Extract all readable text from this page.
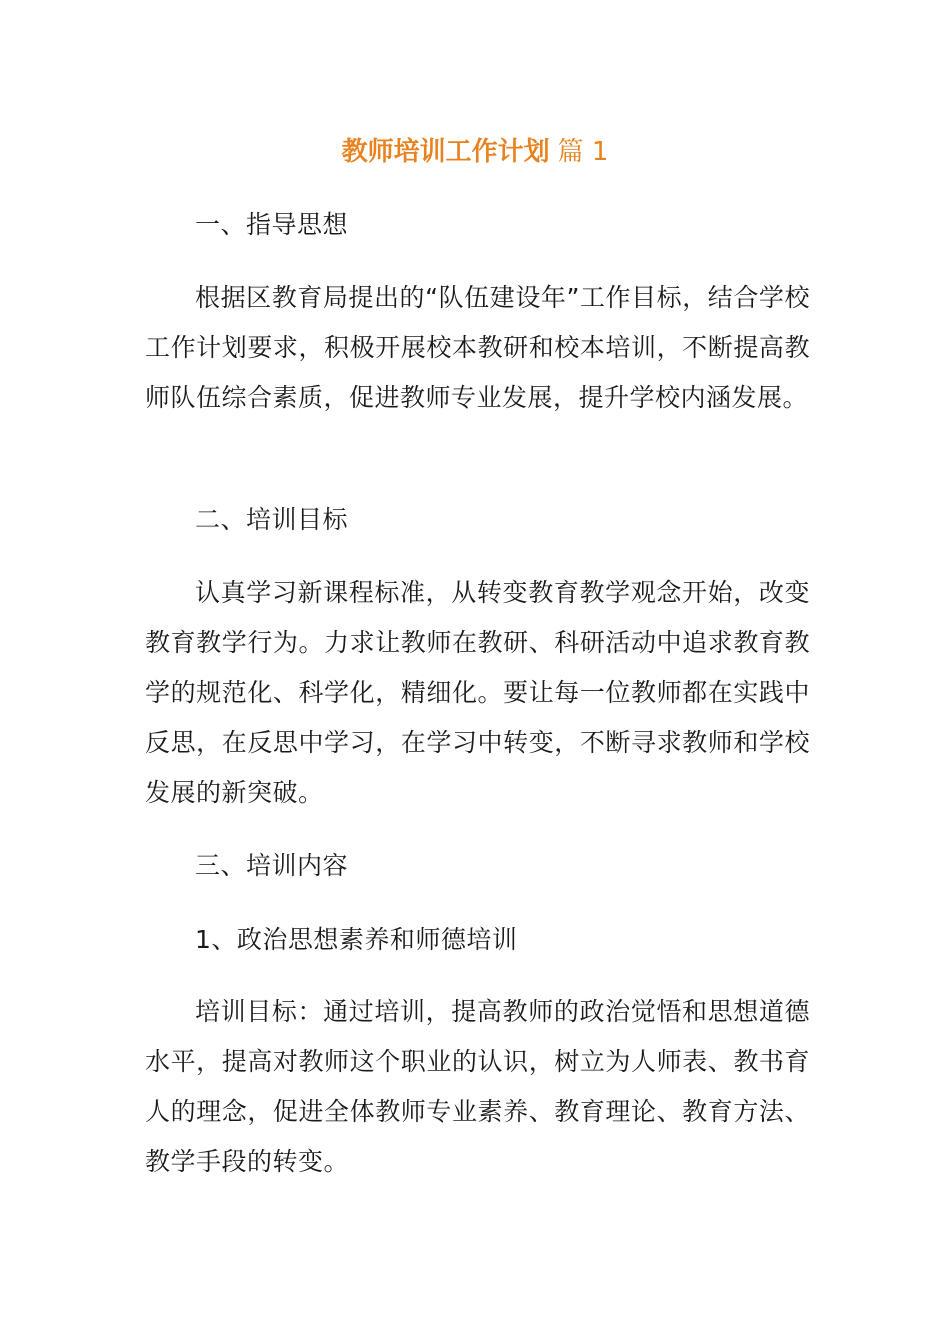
教师培训工作计划 篇 1
一、指导思想
根据区教育局提出的“队伍建设年”工作目标，结合学校工作计划要求，积极开展校本教研和校本培训，不断提高教师队伍综合素质，促进教师专业发展，提升学校内涵发展。
二、培训目标
认真学习新课程标准，从转变教育教学观念开始，改变教育教学行为。力求让教师在教研、科研活动中追求教育教学的规范化、科学化，精细化。要让每一位教师都在实践中反思，在反思中学习，在学习中转变，不断寻求教师和学校发展的新突破。
三、培训内容
1、政治思想素养和师德培训
培训目标：通过培训，提高教师的政治觉悟和思想道德水平，提高对教师这个职业的认识，树立为人师表、教书育人的理念，促进全体教师专业素养、教育理论、教育方法、教学手段的转变。
